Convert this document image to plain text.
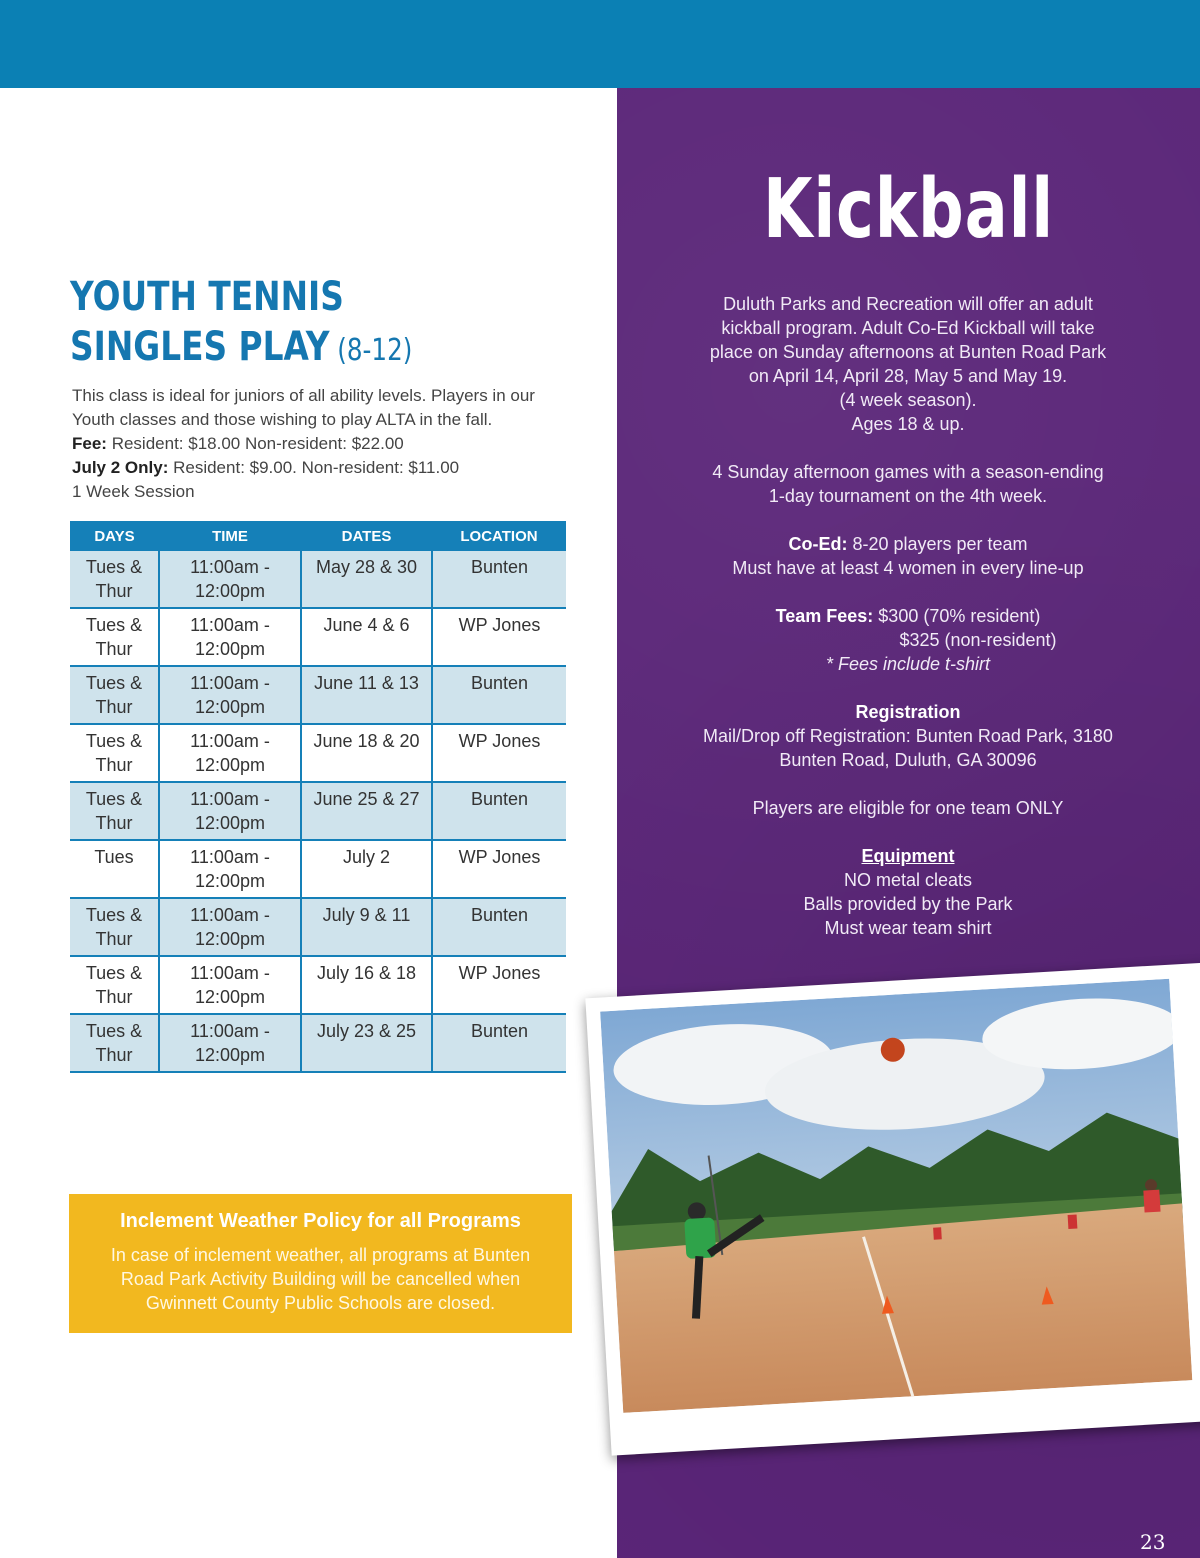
Kickball

Duluth Parks and Recreation will offer an adult

kickball program. Adult Co-Ed Kickball will take

place on Sunday afternoons at Bunten Road Park

on April 14, April 28, May 5 and May 19.

(4 week season).

Ages 18 & up.

4 Sunday afternoon games with a season-ending

1-day tournament on the 4th week.

Co-Ed: 8-20 players per team

Must have at least 4 women in every line-up

Team Fees: $300 (70% resident)

$325 (non-resident)

* Fees include t-shirt

Registration

Mail/Drop off Registration: Bunten Road Park, 3180

Bunten Road, Duluth, GA 30096

Players are eligible for one team ONLY

Equipment

NO metal cleats

Balls provided by the Park

Must wear team shirt

YOUTH TENNIS
SINGLES PLAY (8-12)

This class is ideal for juniors of all ability levels. Players in our

Youth classes and those wishing to play ALTA in the fall.

Fee: Resident: $18.00 Non-resident: $22.00

July 2 Only: Resident: $9.00. Non-resident: $11.00

1 Week Session

DAYS	TIME	DATES	LOCATION
Tues & Thur	11:00am - 12:00pm	May 28 & 30	Bunten
Tues & Thur	11:00am - 12:00pm	June 4 & 6	WP Jones
Tues & Thur	11:00am - 12:00pm	June 11 & 13	Bunten
Tues & Thur	11:00am - 12:00pm	June 18 & 20	WP Jones
Tues & Thur	11:00am - 12:00pm	June 25 & 27	Bunten
Tues	11:00am - 12:00pm	July 2	WP Jones
Tues & Thur	11:00am - 12:00pm	July 9 & 11	Bunten
Tues & Thur	11:00am - 12:00pm	July 16 & 18	WP Jones
Tues & Thur	11:00am - 12:00pm	July 23 & 25	Bunten
Inclement Weather Policy for all Programs
In case of inclement weather, all programs at Bunten Road Park Activity Building will be cancelled when Gwinnett County Public Schools are closed.
23
